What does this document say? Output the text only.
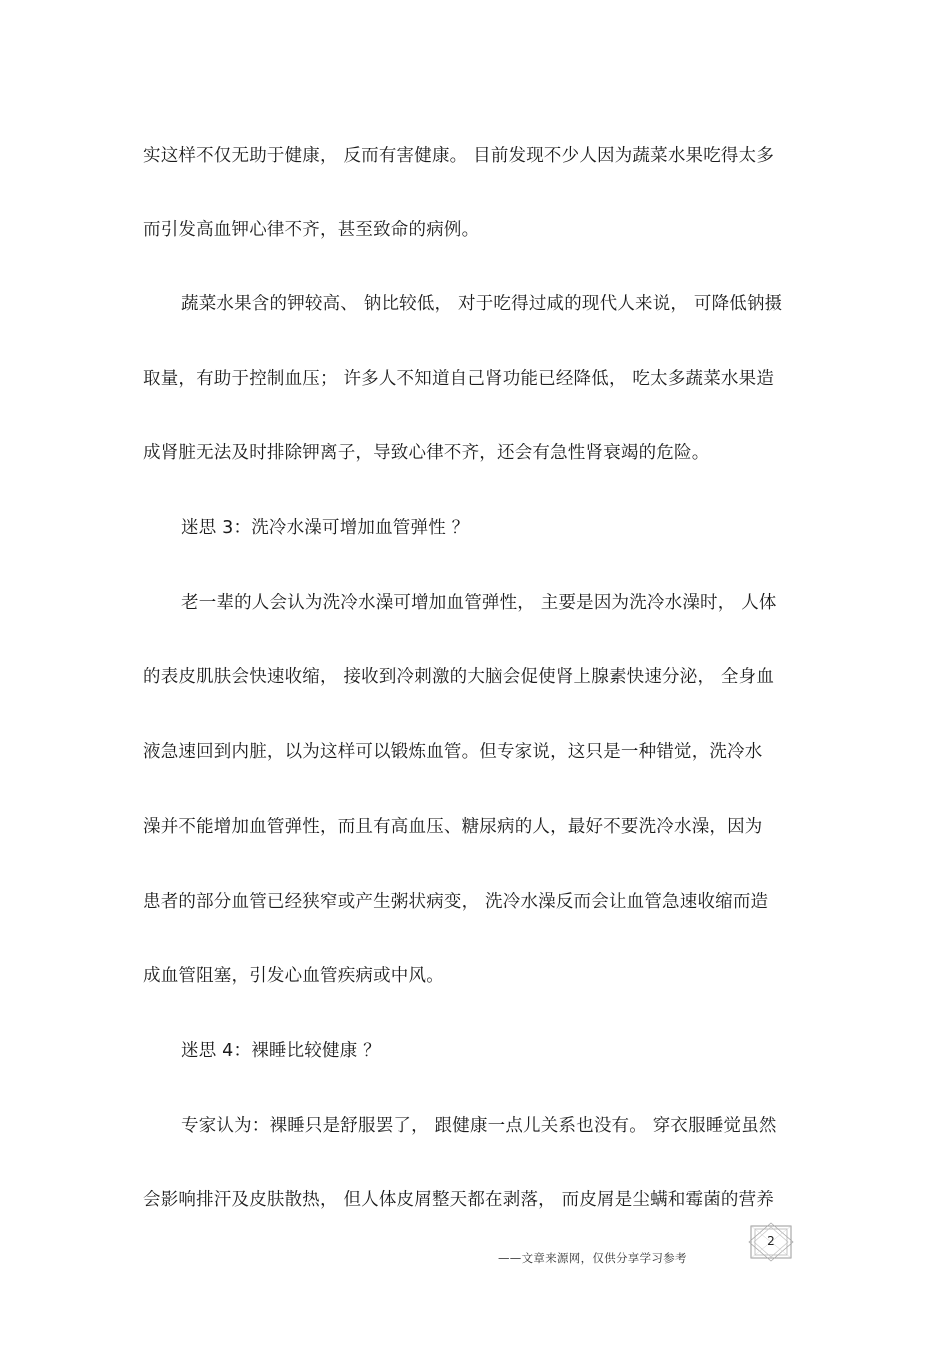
实这样不仅无助于健康， 反而有害健康。 目前发现不少人因为蔬菜水果吃得太多
而引发高血钾心律不齐，甚至致命的病例。
蔬菜水果含的钾较高、 钠比较低， 对于吃得过咸的现代人来说， 可降低钠摄
取量，有助于控制血压； 许多人不知道自己肾功能已经降低， 吃太多蔬菜水果造
成肾脏无法及时排除钾离子，导致心律不齐，还会有急性肾衰竭的危险。
迷思 3：洗冷水澡可增加血管弹性 ？
老一辈的人会认为洗冷水澡可增加血管弹性， 主要是因为洗冷水澡时， 人体
的表皮肌肤会快速收缩， 接收到冷刺激的大脑会促使肾上腺素快速分泌， 全身血
液急速回到内脏，以为这样可以锻炼血管。但专家说，这只是一种错觉，洗冷水
澡并不能增加血管弹性，而且有高血压、糖尿病的人，最好不要洗冷水澡，因为
患者的部分血管已经狭窄或产生粥状病变， 洗冷水澡反而会让血管急速收缩而造
成血管阻塞，引发心血管疾病或中风。
迷思 4：裸睡比较健康 ？
专家认为：裸睡只是舒服罢了， 跟健康一点儿关系也没有。 穿衣服睡觉虽然
会影响排汗及皮肤散热， 但人体皮屑整天都在剥落， 而皮屑是尘螨和霉菌的营养
——文章来源网，仅供分享学习参考
2
